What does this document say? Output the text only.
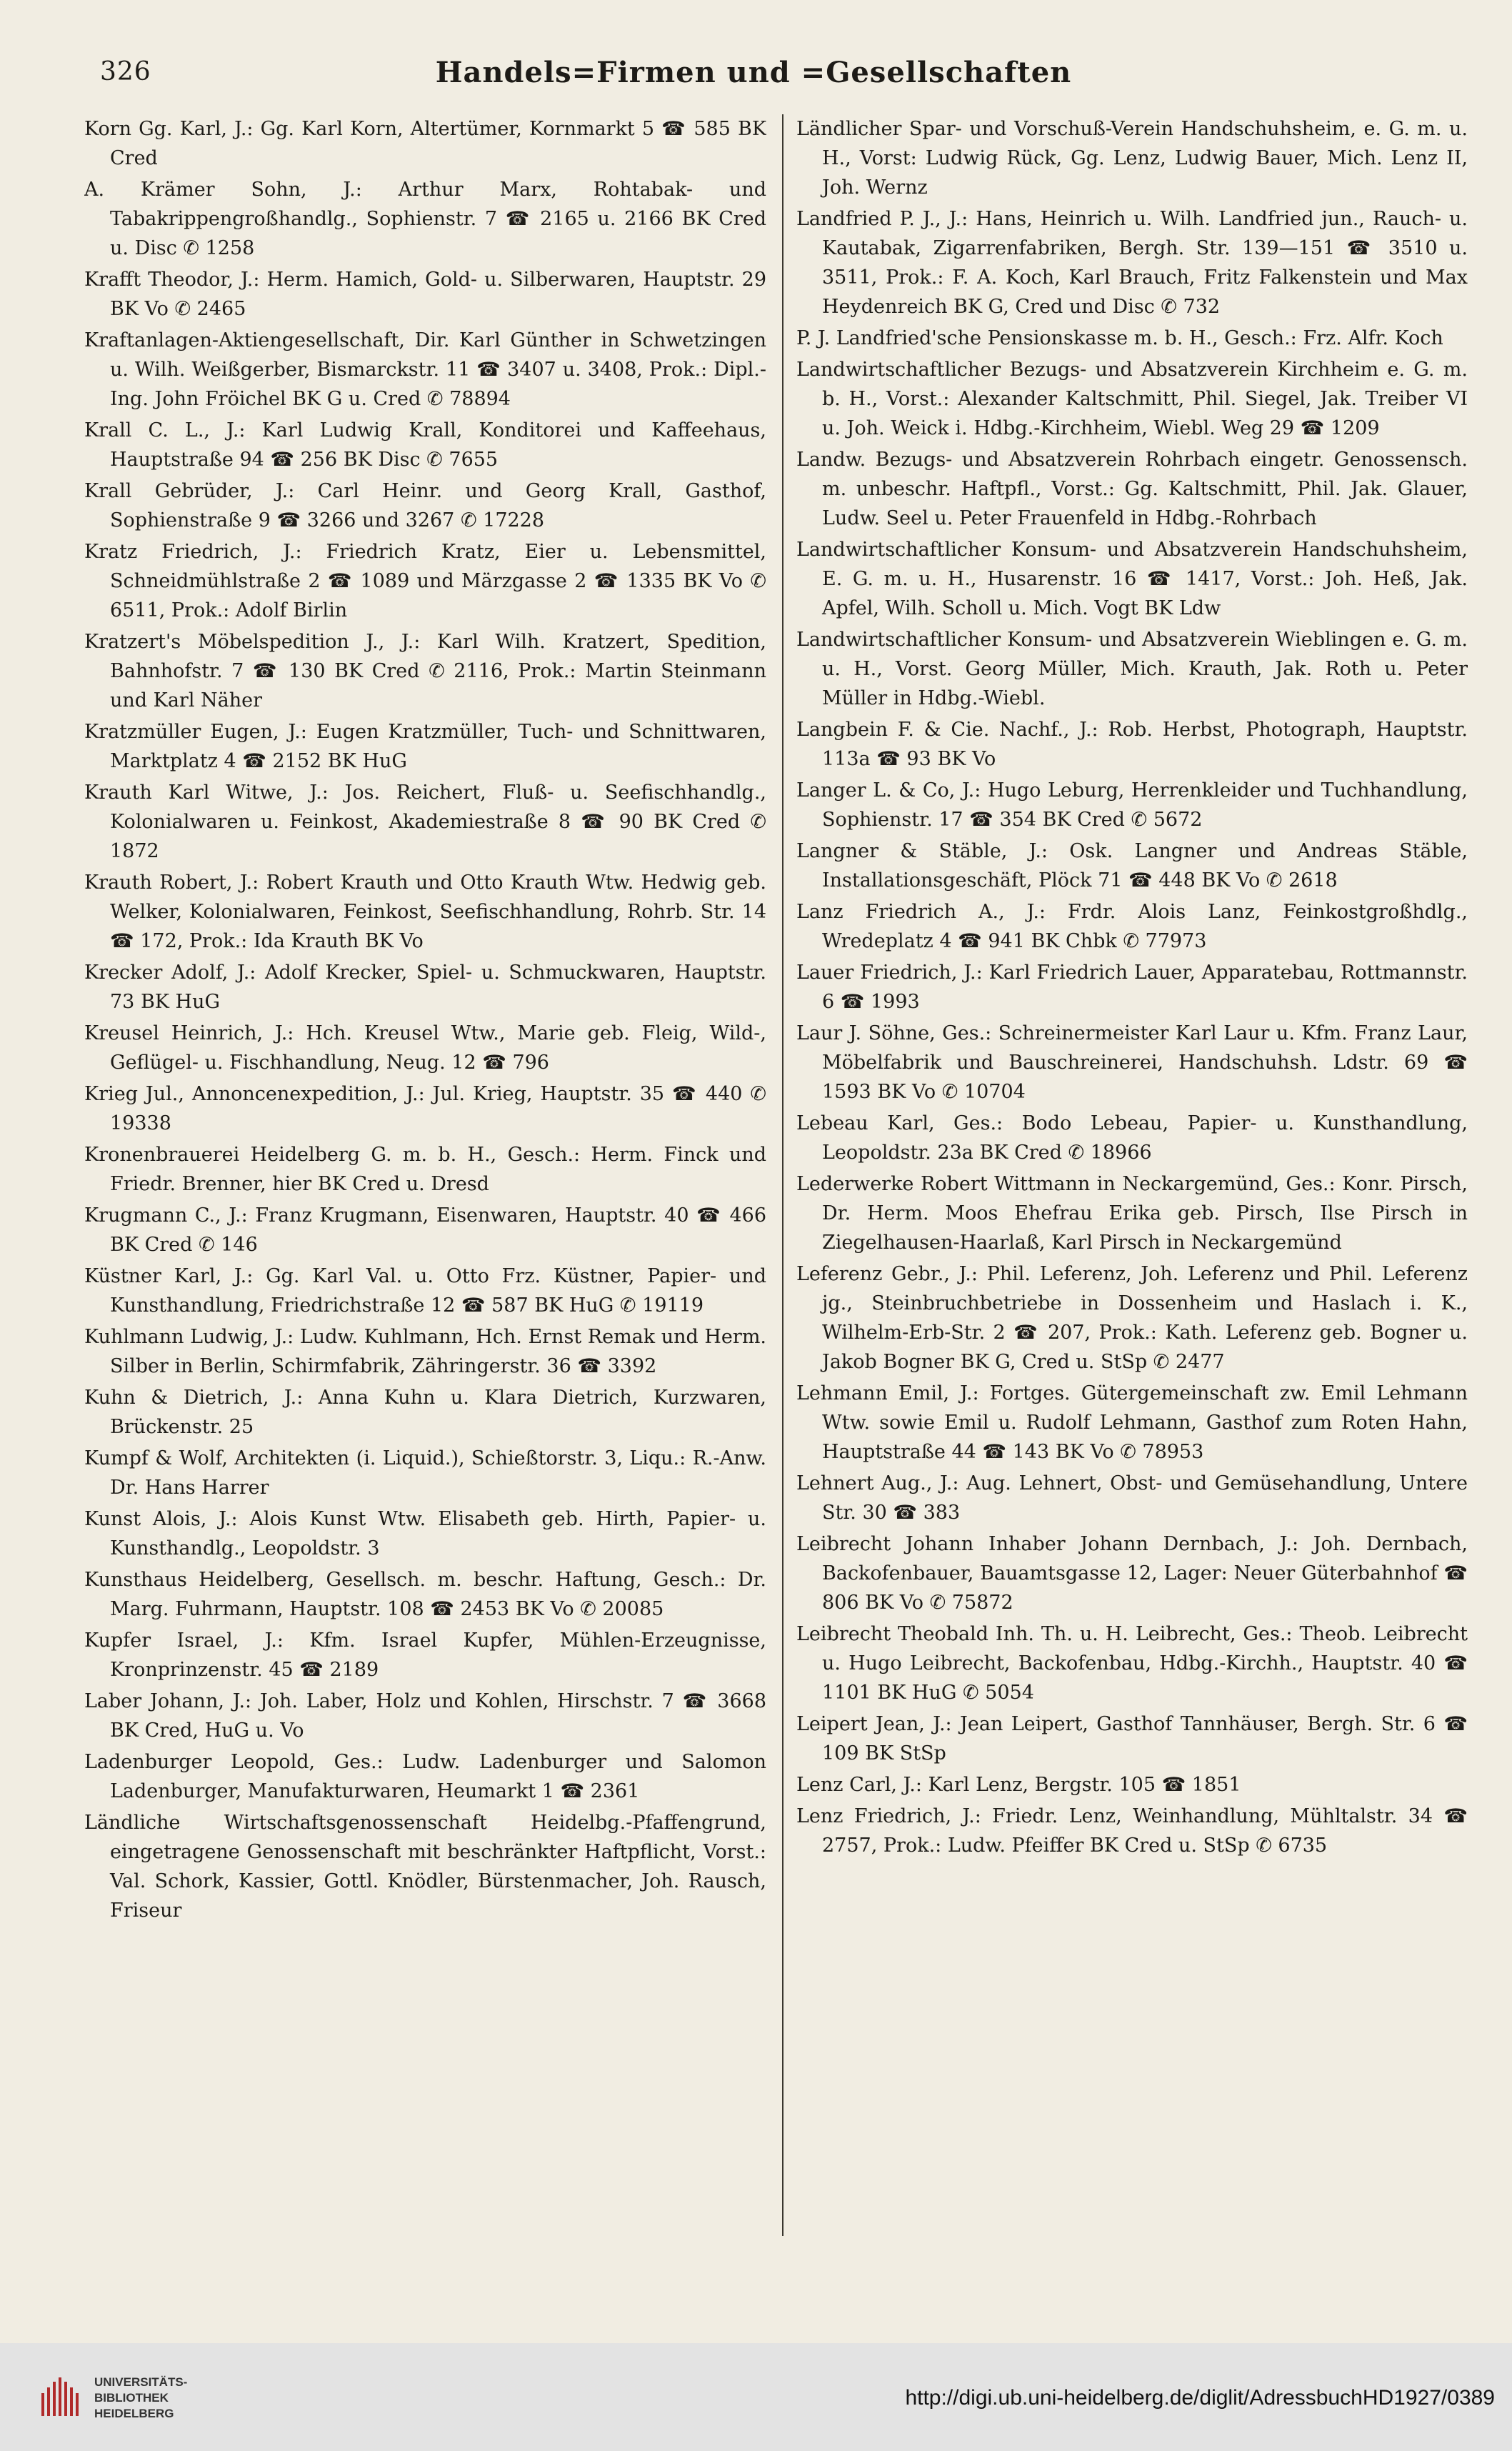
326	Handels=Firmen und =Gesellschaften

Korn Gg. Karl, J.: Gg. Karl Korn, Altertümer, Kornmarkt 5 ☎ 585 BK Cred

A. Krämer Sohn, J.: Arthur Marx, Rohtabak- und Tabakrippengroßhandlg., Sophienstr. 7 ☎ 2165 u. 2166 BK Cred u. Disc ✆ 1258

Krafft Theodor, J.: Herm. Hamich, Gold- u. Silberwaren, Hauptstr. 29 BK Vo ✆ 2465

Kraftanlagen-Aktiengesellschaft, Dir. Karl Günther in Schwetzingen u. Wilh. Weißgerber, Bismarckstr. 11 ☎ 3407 u. 3408, Prok.: Dipl.-Ing. John Fröichel BK G u. Cred ✆ 78894

Krall C. L., J.: Karl Ludwig Krall, Konditorei und Kaffeehaus, Hauptstraße 94 ☎ 256 BK Disc ✆ 7655

Krall Gebrüder, J.: Carl Heinr. und Georg Krall, Gasthof, Sophienstraße 9 ☎ 3266 und 3267 ✆ 17228

Kratz Friedrich, J.: Friedrich Kratz, Eier u. Lebensmittel, Schneidmühlstraße 2 ☎ 1089 und Märzgasse 2 ☎ 1335 BK Vo ✆ 6511, Prok.: Adolf Birlin

Kratzert's Möbelspedition J., J.: Karl Wilh. Kratzert, Spedition, Bahnhofstr. 7 ☎ 130 BK Cred ✆ 2116, Prok.: Martin Steinmann und Karl Näher

Kratzmüller Eugen, J.: Eugen Kratzmüller, Tuch- und Schnittwaren, Marktplatz 4 ☎ 2152 BK HuG

Krauth Karl Witwe, J.: Jos. Reichert, Fluß- u. Seefischhandlg., Kolonialwaren u. Feinkost, Akademiestraße 8 ☎ 90 BK Cred ✆ 1872

Krauth Robert, J.: Robert Krauth und Otto Krauth Wtw. Hedwig geb. Welker, Kolonialwaren, Feinkost, Seefischhandlung, Rohrb. Str. 14 ☎ 172, Prok.: Ida Krauth BK Vo

Krecker Adolf, J.: Adolf Krecker, Spiel- u. Schmuckwaren, Hauptstr. 73 BK HuG

Kreusel Heinrich, J.: Hch. Kreusel Wtw., Marie geb. Fleig, Wild-, Geflügel- u. Fischhandlung, Neug. 12 ☎ 796

Krieg Jul., Annoncenexpedition, J.: Jul. Krieg, Hauptstr. 35 ☎ 440 ✆ 19338

Kronenbrauerei Heidelberg G. m. b. H., Gesch.: Herm. Finck und Friedr. Brenner, hier BK Cred u. Dresd

Krugmann C., J.: Franz Krugmann, Eisenwaren, Hauptstr. 40 ☎ 466 BK Cred ✆ 146

Küstner Karl, J.: Gg. Karl Val. u. Otto Frz. Küstner, Papier- und Kunsthandlung, Friedrichstraße 12 ☎ 587 BK HuG ✆ 19119

Kuhlmann Ludwig, J.: Ludw. Kuhlmann, Hch. Ernst Remak und Herm. Silber in Berlin, Schirmfabrik, Zähringerstr. 36 ☎ 3392

Kuhn & Dietrich, J.: Anna Kuhn u. Klara Dietrich, Kurzwaren, Brückenstr. 25

Kumpf & Wolf, Architekten (i. Liquid.), Schießtorstr. 3, Liqu.: R.-Anw. Dr. Hans Harrer

Kunst Alois, J.: Alois Kunst Wtw. Elisabeth geb. Hirth, Papier- u. Kunsthandlg., Leopoldstr. 3

Kunsthaus Heidelberg, Gesellsch. m. beschr. Haftung, Gesch.: Dr. Marg. Fuhrmann, Hauptstr. 108 ☎ 2453 BK Vo ✆ 20085

Kupfer Israel, J.: Kfm. Israel Kupfer, Mühlen-Erzeugnisse, Kronprinzenstr. 45 ☎ 2189

Laber Johann, J.: Joh. Laber, Holz und Kohlen, Hirschstr. 7 ☎ 3668 BK Cred, HuG u. Vo

Ladenburger Leopold, Ges.: Ludw. Ladenburger und Salomon Ladenburger, Manufakturwaren, Heumarkt 1 ☎ 2361

Ländliche Wirtschaftsgenossenschaft Heidelbg.-Pfaffengrund, eingetragene Genossenschaft mit beschränkter Haftpflicht, Vorst.: Val. Schork, Kassier, Gottl. Knödler, Bürstenmacher, Joh. Rausch, Friseur

Ländlicher Spar- und Vorschuß-Verein Handschuhsheim, e. G. m. u. H., Vorst: Ludwig Rück, Gg. Lenz, Ludwig Bauer, Mich. Lenz II, Joh. Wernz

Landfried P. J., J.: Hans, Heinrich u. Wilh. Landfried jun., Rauch- u. Kautabak, Zigarrenfabriken, Bergh. Str. 139—151 ☎ 3510 u. 3511, Prok.: F. A. Koch, Karl Brauch, Fritz Falkenstein und Max Heydenreich BK G, Cred und Disc ✆ 732

P. J. Landfried'sche Pensionskasse m. b. H., Gesch.: Frz. Alfr. Koch

Landwirtschaftlicher Bezugs- und Absatzverein Kirchheim e. G. m. b. H., Vorst.: Alexander Kaltschmitt, Phil. Siegel, Jak. Treiber VI u. Joh. Weick i. Hdbg.-Kirchheim, Wiebl. Weg 29 ☎ 1209

Landw. Bezugs- und Absatzverein Rohrbach eingetr. Genossensch. m. unbeschr. Haftpfl., Vorst.: Gg. Kaltschmitt, Phil. Jak. Glauer, Ludw. Seel u. Peter Frauenfeld in Hdbg.-Rohrbach

Landwirtschaftlicher Konsum- und Absatzverein Handschuhsheim, E. G. m. u. H., Husarenstr. 16 ☎ 1417, Vorst.: Joh. Heß, Jak. Apfel, Wilh. Scholl u. Mich. Vogt BK Ldw

Landwirtschaftlicher Konsum- und Absatzverein Wieblingen e. G. m. u. H., Vorst. Georg Müller, Mich. Krauth, Jak. Roth u. Peter Müller in Hdbg.-Wiebl.

Langbein F. & Cie. Nachf., J.: Rob. Herbst, Photograph, Hauptstr. 113a ☎ 93 BK Vo

Langer L. & Co, J.: Hugo Leburg, Herrenkleider und Tuchhandlung, Sophienstr. 17 ☎ 354 BK Cred ✆ 5672

Langner & Stäble, J.: Osk. Langner und Andreas Stäble, Installationsgeschäft, Plöck 71 ☎ 448 BK Vo ✆ 2618

Lanz Friedrich A., J.: Frdr. Alois Lanz, Feinkostgroßhdlg., Wredeplatz 4 ☎ 941 BK Chbk ✆ 77973

Lauer Friedrich, J.: Karl Friedrich Lauer, Apparatebau, Rottmannstr. 6 ☎ 1993

Laur J. Söhne, Ges.: Schreinermeister Karl Laur u. Kfm. Franz Laur, Möbelfabrik und Bauschreinerei, Handschuhsh. Ldstr. 69 ☎ 1593 BK Vo ✆ 10704

Lebeau Karl, Ges.: Bodo Lebeau, Papier- u. Kunsthandlung, Leopoldstr. 23a BK Cred ✆ 18966

Lederwerke Robert Wittmann in Neckargemünd, Ges.: Konr. Pirsch, Dr. Herm. Moos Ehefrau Erika geb. Pirsch, Ilse Pirsch in Ziegelhausen-Haarlaß, Karl Pirsch in Neckargemünd

Leferenz Gebr., J.: Phil. Leferenz, Joh. Leferenz und Phil. Leferenz jg., Steinbruchbetriebe in Dossenheim und Haslach i. K., Wilhelm-Erb-Str. 2 ☎ 207, Prok.: Kath. Leferenz geb. Bogner u. Jakob Bogner BK G, Cred u. StSp ✆ 2477

Lehmann Emil, J.: Fortges. Gütergemeinschaft zw. Emil Lehmann Wtw. sowie Emil u. Rudolf Lehmann, Gasthof zum Roten Hahn, Hauptstraße 44 ☎ 143 BK Vo ✆ 78953

Lehnert Aug., J.: Aug. Lehnert, Obst- und Gemüsehandlung, Untere Str. 30 ☎ 383

Leibrecht Johann Inhaber Johann Dernbach, J.: Joh. Dernbach, Backofenbauer, Bauamtsgasse 12, Lager: Neuer Güterbahnhof ☎ 806 BK Vo ✆ 75872

Leibrecht Theobald Inh. Th. u. H. Leibrecht, Ges.: Theob. Leibrecht u. Hugo Leibrecht, Backofenbau, Hdbg.-Kirchh., Hauptstr. 40 ☎ 1101 BK HuG ✆ 5054

Leipert Jean, J.: Jean Leipert, Gasthof Tannhäuser, Bergh. Str. 6 ☎ 109 BK StSp

Lenz Carl, J.: Karl Lenz, Bergstr. 105 ☎ 1851

Lenz Friedrich, J.: Friedr. Lenz, Weinhandlung, Mühltalstr. 34 ☎ 2757, Prok.: Ludw. Pfeiffer BK Cred u. StSp ✆ 6735

UNIVERSITÄTS-
BIBLIOTHEK
HEIDELBERG
http://digi.ub.uni-heidelberg.de/diglit/AdressbuchHD1927/0389
